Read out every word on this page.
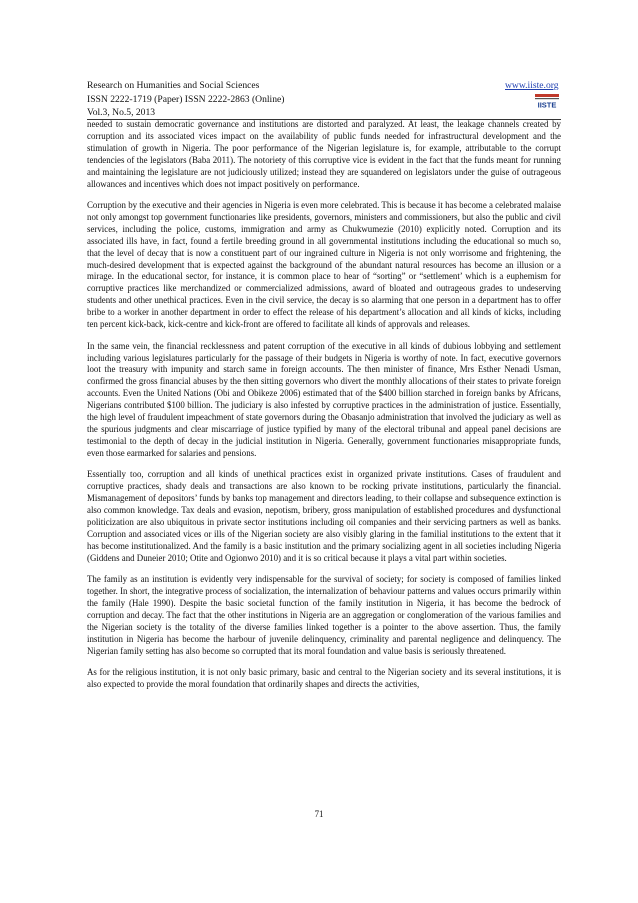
Research on Humanities and Social Sciences
ISSN 2222-1719 (Paper) ISSN 2222-2863 (Online)
Vol.3, No.5, 2013
www.iiste.org
IISTE

needed to sustain democratic governance and institutions are distorted and paralyzed. At least, the leakage channels created by corruption and its associated vices impact on the availability of public funds needed for infrastructural development and the stimulation of growth in Nigeria. The poor performance of the Nigerian legislature is, for example, attributable to the corrupt tendencies of the legislators (Baba 2011). The notoriety of this corruptive vice is evident in the fact that the funds meant for running and maintaining the legislature are not judiciously utilized; instead they are squandered on legislators under the guise of outrageous allowances and incentives which does not impact positively on performance.

Corruption by the executive and their agencies in Nigeria is even more celebrated. This is because it has become a celebrated malaise not only amongst top government functionaries like presidents, governors, ministers and commissioners, but also the public and civil services, including the police, customs, immigration and army as Chukwumezie (2010) explicitly noted. Corruption and its associated ills have, in fact, found a fertile breeding ground in all governmental institutions including the educational so much so, that the level of decay that is now a constituent part of our ingrained culture in Nigeria is not only worrisome and frightening, the much-desired development that is expected against the background of the abundant natural resources has become an illusion or a mirage. In the educational sector, for instance, it is common place to hear of “sorting” or “settlement’ which is a euphemism for corruptive practices like merchandized or commercialized admissions, award of bloated and outrageous grades to undeserving students and other unethical practices. Even in the civil service, the decay is so alarming that one person in a department has to offer bribe to a worker in another department in order to effect the release of his department’s allocation and all kinds of kicks, including ten percent kick-back, kick-centre and kick-front are offered to facilitate all kinds of approvals and releases.

In the same vein, the financial recklessness and patent corruption of the executive in all kinds of dubious lobbying and settlement including various legislatures particularly for the passage of their budgets in Nigeria is worthy of note. In fact, executive governors loot the treasury with impunity and starch same in foreign accounts. The then minister of finance, Mrs Esther Nenadi Usman, confirmed the gross financial abuses by the then sitting governors who divert the monthly allocations of their states to private foreign accounts. Even the United Nations (Obi and Obikeze 2006) estimated that of the $400 billion starched in foreign banks by Africans, Nigerians contributed $100 billion. The judiciary is also infested by corruptive practices in the administration of justice. Essentially, the high level of fraudulent impeachment of state governors during the Obasanjo administration that involved the judiciary as well as the spurious judgments and clear miscarriage of justice typified by many of the electoral tribunal and appeal panel decisions are testimonial to the depth of decay in the judicial institution in Nigeria. Generally, government functionaries misappropriate funds, even those earmarked for salaries and pensions.

Essentially too, corruption and all kinds of unethical practices exist in organized private institutions. Cases of fraudulent and corruptive practices, shady deals and transactions are also known to be rocking private institutions, particularly the financial. Mismanagement of depositors’ funds by banks top management and directors leading, to their collapse and subsequence extinction is also common knowledge. Tax deals and evasion, nepotism, bribery, gross manipulation of established procedures and dysfunctional politicization are also ubiquitous in private sector institutions including oil companies and their servicing partners as well as banks. Corruption and associated vices or ills of the Nigerian society are also visibly glaring in the familial institutions to the extent that it has become institutionalized. And the family is a basic institution and the primary socializing agent in all societies including Nigeria (Giddens and Duneier 2010; Otite and Ogionwo 2010) and it is so critical because it plays a vital part within societies.

The family as an institution is evidently very indispensable for the survival of society; for society is composed of families linked together. In short, the integrative process of socialization, the internalization of behaviour patterns and values occurs primarily within the family (Hale 1990). Despite the basic societal function of the family institution in Nigeria, it has become the bedrock of corruption and decay. The fact that the other institutions in Nigeria are an aggregation or conglomeration of the various families and the Nigerian society is the totality of the diverse families linked together is a pointer to the above assertion. Thus, the family institution in Nigeria has become the harbour of juvenile delinquency, criminality and parental negligence and delinquency. The Nigerian family setting has also become so corrupted that its moral foundation and value basis is seriously threatened.

As for the religious institution, it is not only basic primary, basic and central to the Nigerian society and its several institutions, it is also expected to provide the moral foundation that ordinarily shapes and directs the activities,

71
